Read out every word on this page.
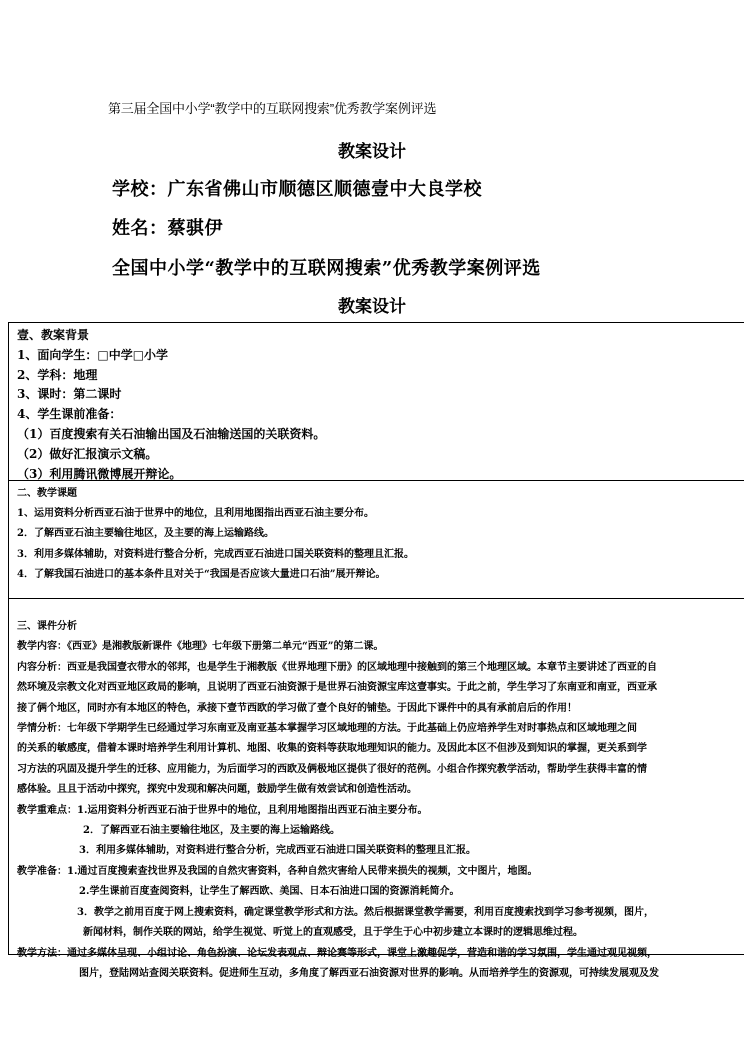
第三届全国中小学“教学中的互联网搜索”优秀教学案例评选
教案设计
学校：广东省佛山市顺德区顺德壹中大良学校
姓名：蔡骐伊
全国中小学“教学中的互联网搜索”优秀教学案例评选
教案设计
壹、教案背景
1、面向学生：□中学□小学
2、学科：地理
3、课时：第二课时
4、学生课前准备：
（1）百度搜索有关石油输出国及石油输送国的关联资料。
（2）做好汇报演示文稿。
（3）利用腾讯微博展开辩论。
二、教学课题
1、运用资料分析西亚石油于世界中的地位，且利用地图指出西亚石油主要分布。
2．了解西亚石油主要输往地区，及主要的海上运输路线。
3．利用多媒体辅助，对资料进行整合分析，完成西亚石油进口国关联资料的整理且汇报。
4．了解我国石油进口的基本条件且对关于“我国是否应该大量进口石油”展开辩论。
三、课件分析
教学内容：《西亚》是湘教版新课件《地理》七年级下册第二单元“西亚”的第二课。
内容分析：西亚是我国壹衣带水的邻邦，也是学生于湘教版《世界地理下册》的区域地理中接触到的第三个地理区域。本章节主要讲述了西亚的自
然环境及宗教文化对西亚地区政局的影响，且说明了西亚石油资源于是世界石油资源宝库这壹事实。于此之前，学生学习了东南亚和南亚，西亚承
接了俩个地区，同时亦有本地区的特色，承接下壹节西欧的学习做了壹个良好的铺垫。于因此下课件中的具有承前启后的作用！
学情分析：七年级下学期学生已经通过学习东南亚及南亚基本掌握学习区域地理的方法。于此基础上仍应培养学生对时事热点和区域地理之间
的关系的敏感度，借着本课时培养学生利用计算机、地图、收集的资料等获取地理知识的能力。及因此本区不但涉及到知识的掌握，更关系到学
习方法的巩固及提升学生的迁移、应用能力，为后面学习的西欧及俩极地区提供了很好的范例。小组合作探究教学活动，帮助学生获得丰富的情
感体验。且且于活动中探究，探究中发现和解决问题，鼓励学生做有效尝试和创造性活动。
教学重难点：1.运用资料分析西亚石油于世界中的地位，且利用地图指出西亚石油主要分布。
2．了解西亚石油主要输往地区，及主要的海上运输路线。
3．利用多媒体辅助，对资料进行整合分析，完成西亚石油进口国关联资料的整理且汇报。
教学准备：1.通过百度搜索查找世界及我国的自然灾害资料，各种自然灾害给人民带来损失的视频，文中图片，地图。
2.学生课前百度查阅资料，让学生了解西欧、美国、日本石油进口国的资源消耗简介。
3．教学之前用百度于网上搜索资料，确定课堂教学形式和方法。然后根据课堂教学需要，利用百度搜索找到学习参考视频，图片，
新闻材料，制作关联的网站，给学生视觉、听觉上的直观感受，且于学生于心中初步建立本课时的逻辑思维过程。
教学方法：通过多媒体呈现、小组讨论、角色扮演、论坛发表观点、辩论赛等形式，课堂上激趣促学，营造和谐的学习氛围，学生通过观见视频，
图片，登陆网站查阅关联资料。促进师生互动，多角度了解西亚石油资源对世界的影响。从而培养学生的资源观，可持续发展观及发
